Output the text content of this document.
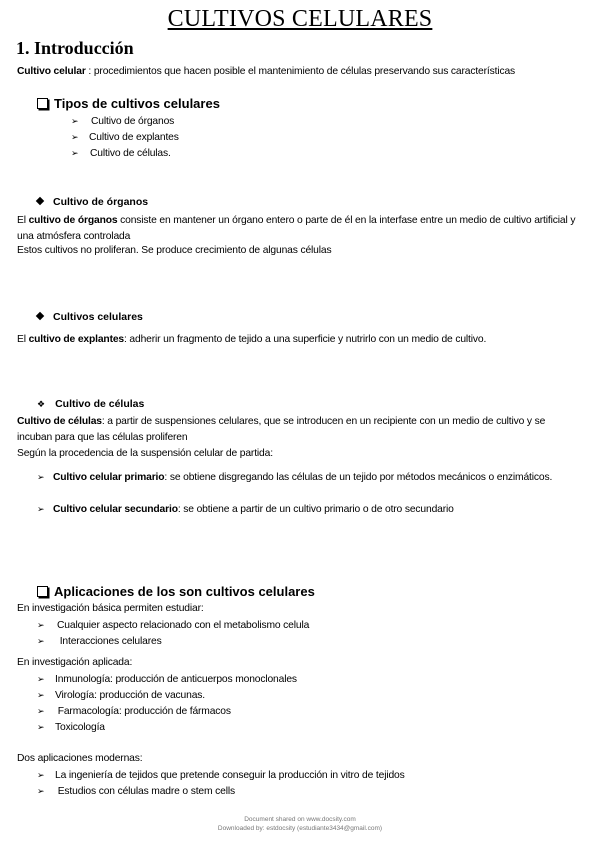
CULTIVOS CELULARES
1. Introducción
Cultivo celular : procedimientos que hacen posible el mantenimiento de células preservando sus características
Tipos de cultivos celulares
➢ Cultivo de órganos
➢ Cultivo de explantes
➢ Cultivo de células.
Cultivo de órganos
El cultivo de órganos consiste en mantener un órgano entero o parte de él en la interfase entre un medio de cultivo artificial y una atmósfera controlada
Estos cultivos no proliferan. Se produce crecimiento de algunas células
Cultivos celulares
El cultivo de explantes: adherir un fragmento de tejido a una superficie y nutrirlo con un medio de cultivo.
❖ Cultivo de células
Cultivo de células: a partir de suspensiones celulares, que se introducen en un recipiente con un medio de cultivo y se incuban para que las células proliferen
Según la procedencia de la suspensión celular de partida:
➢ Cultivo celular primario: se obtiene disgregando las células de un tejido por métodos mecánicos o enzimáticos.
➢ Cultivo celular secundario: se obtiene a partir de un cultivo primario o de otro secundario
Aplicaciones de los son cultivos celulares
En investigación básica permiten estudiar:
➢ Cualquier aspecto relacionado con el metabolismo celula
➢ Interacciones celulares
En investigación aplicada:
➢ Inmunología: producción de anticuerpos monoclonales
➢ Virología: producción de vacunas.
➢ Farmacología: producción de fármacos
➢ Toxicología
Dos aplicaciones modernas:
➢ La ingeniería de tejidos que pretende conseguir la producción in vitro de tejidos
➢ Estudios con células madre o stem cells
Document shared on www.docsity.com
Downloaded by: estdocsity (estudiante3434@gmail.com)
